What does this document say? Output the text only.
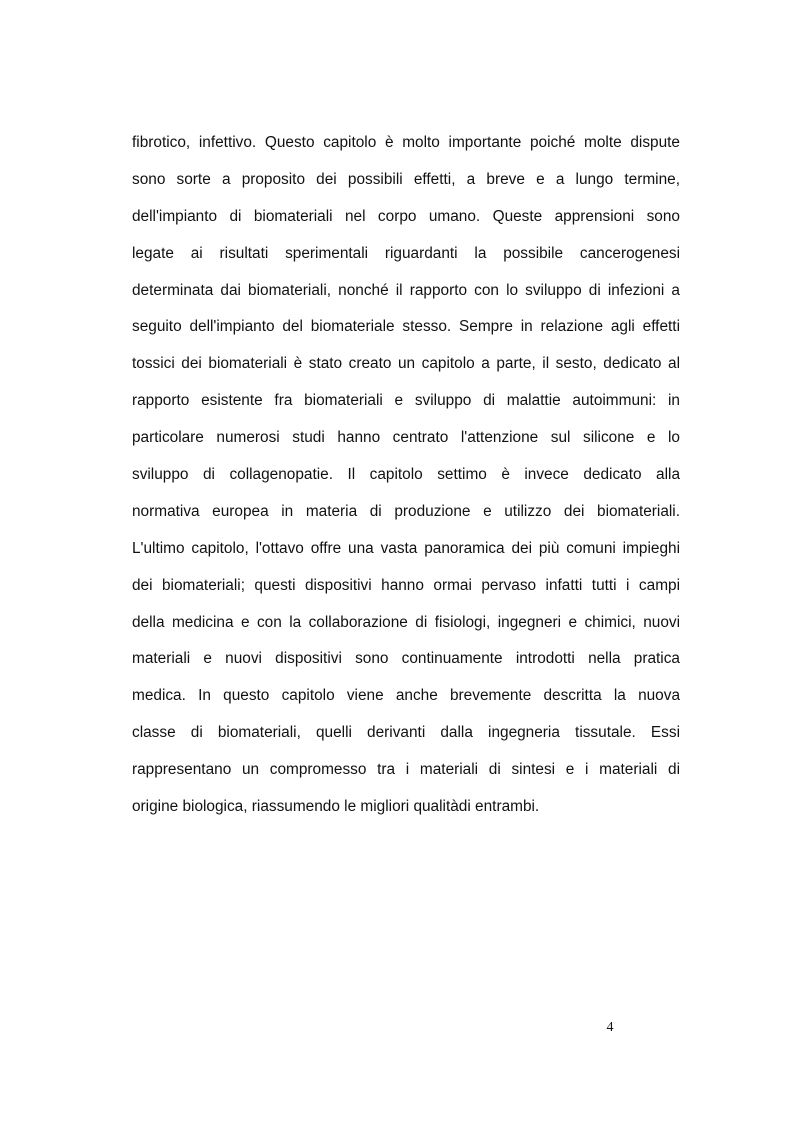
fibrotico, infettivo. Questo capitolo è molto importante poiché molte dispute
sono sorte a proposito dei possibili effetti, a breve e a lungo termine,
dell'impianto di biomateriali nel corpo umano. Queste apprensioni sono
legate ai risultati sperimentali riguardanti la possibile cancerogenesi
determinata dai biomateriali, nonché il rapporto con lo sviluppo di infezioni a
seguito dell'impianto del biomateriale stesso. Sempre in relazione agli effetti
tossici dei biomateriali è stato creato un capitolo a parte, il sesto, dedicato al
rapporto esistente fra biomateriali e sviluppo di malattie autoimmuni: in
particolare numerosi studi hanno centrato l'attenzione sul silicone e lo
sviluppo di collagenopatie. Il capitolo settimo è invece dedicato alla
normativa europea in materia di produzione e utilizzo dei biomateriali.
L'ultimo capitolo, l'ottavo offre una vasta panoramica dei più comuni impieghi
dei biomateriali; questi dispositivi hanno ormai pervaso infatti tutti i campi
della medicina e con la collaborazione di fisiologi, ingegneri e chimici, nuovi
materiali e nuovi dispositivi sono continuamente introdotti nella pratica
medica. In questo capitolo viene anche brevemente descritta la nuova
classe di biomateriali, quelli derivanti dalla ingegneria tissutale. Essi
rappresentano un compromesso tra i materiali di sintesi e i materiali di
origine biologica, riassumendo le migliori qualitàdi entrambi.
4
